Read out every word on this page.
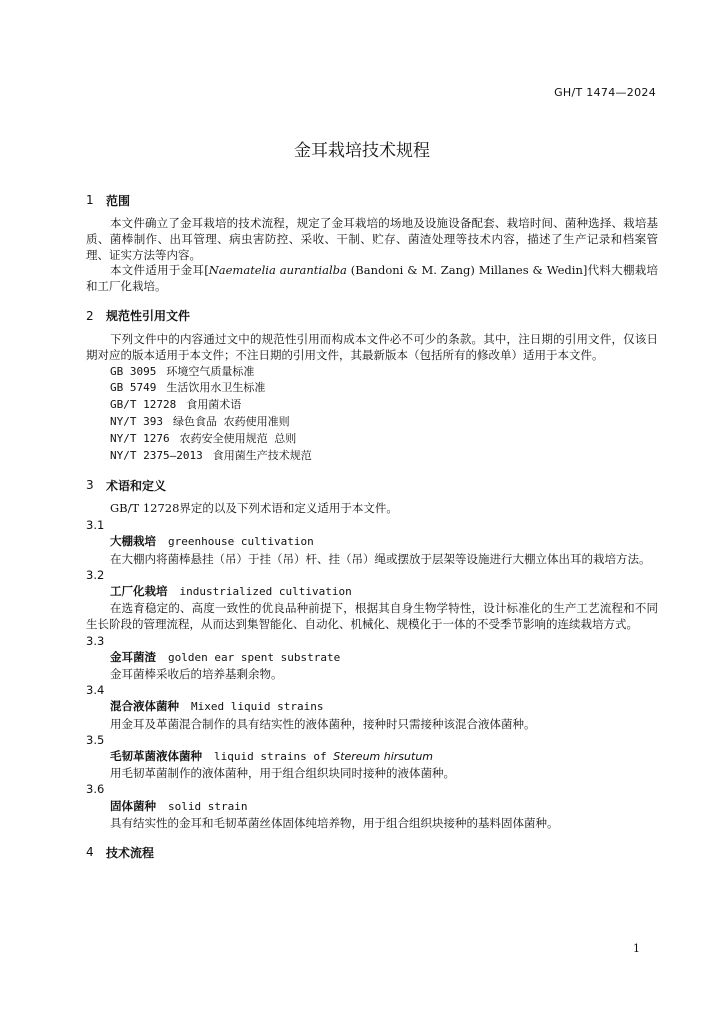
GH/T 1474—2024
金耳栽培技术规程
1	范围

本文件确立了金耳栽培的技术流程，规定了金耳栽培的场地及设施设备配套、栽培时间、菌种选择、栽培基质、菌棒制作、出耳管理、病虫害防控、采收、干制、贮存、菌渣处理等技术内容，描述了生产记录和档案管理、证实方法等内容。

本文件适用于金耳[Naematelia aurantialba (Bandoni & M. Zang) Millanes & Wedin]代料大棚栽培和工厂化栽培。

2	规范性引用文件

下列文件中的内容通过文中的规范性引用而构成本文件必不可少的条款。其中，注日期的引用文件，仅该日期对应的版本适用于本文件；不注日期的引用文件，其最新版本（包括所有的修改单）适用于本文件。

GB 3095 环境空气质量标准

GB 5749 生活饮用水卫生标准

GB/T 12728 食用菌术语

NY/T 393 绿色食品 农药使用准则

NY/T 1276 农药安全使用规范 总则

NY/T 2375—2013 食用菌生产技术规范

3	术语和定义

GB/T 12728界定的以及下列术语和定义适用于本文件。

3.1

大棚栽培 greenhouse cultivation

在大棚内将菌棒悬挂（吊）于挂（吊）杆、挂（吊）绳或摆放于层架等设施进行大棚立体出耳的栽培方法。

3.2

工厂化栽培 industrialized cultivation

在选育稳定的、高度一致性的优良品种前提下，根据其自身生物学特性，设计标准化的生产工艺流程和不同生长阶段的管理流程，从而达到集智能化、自动化、机械化、规模化于一体的不受季节影响的连续栽培方式。

3.3

金耳菌渣 golden ear spent substrate

金耳菌棒采收后的培养基剩余物。

3.4

混合液体菌种 Mixed liquid strains

用金耳及革菌混合制作的具有结实性的液体菌种，接种时只需接种该混合液体菌种。

3.5

毛韧革菌液体菌种 liquid strains of Stereum hirsutum

用毛韧革菌制作的液体菌种，用于组合组织块同时接种的液体菌种。

3.6

固体菌种 solid strain

具有结实性的金耳和毛韧革菌丝体固体纯培养物，用于组合组织块接种的基料固体菌种。

4	技术流程
1
